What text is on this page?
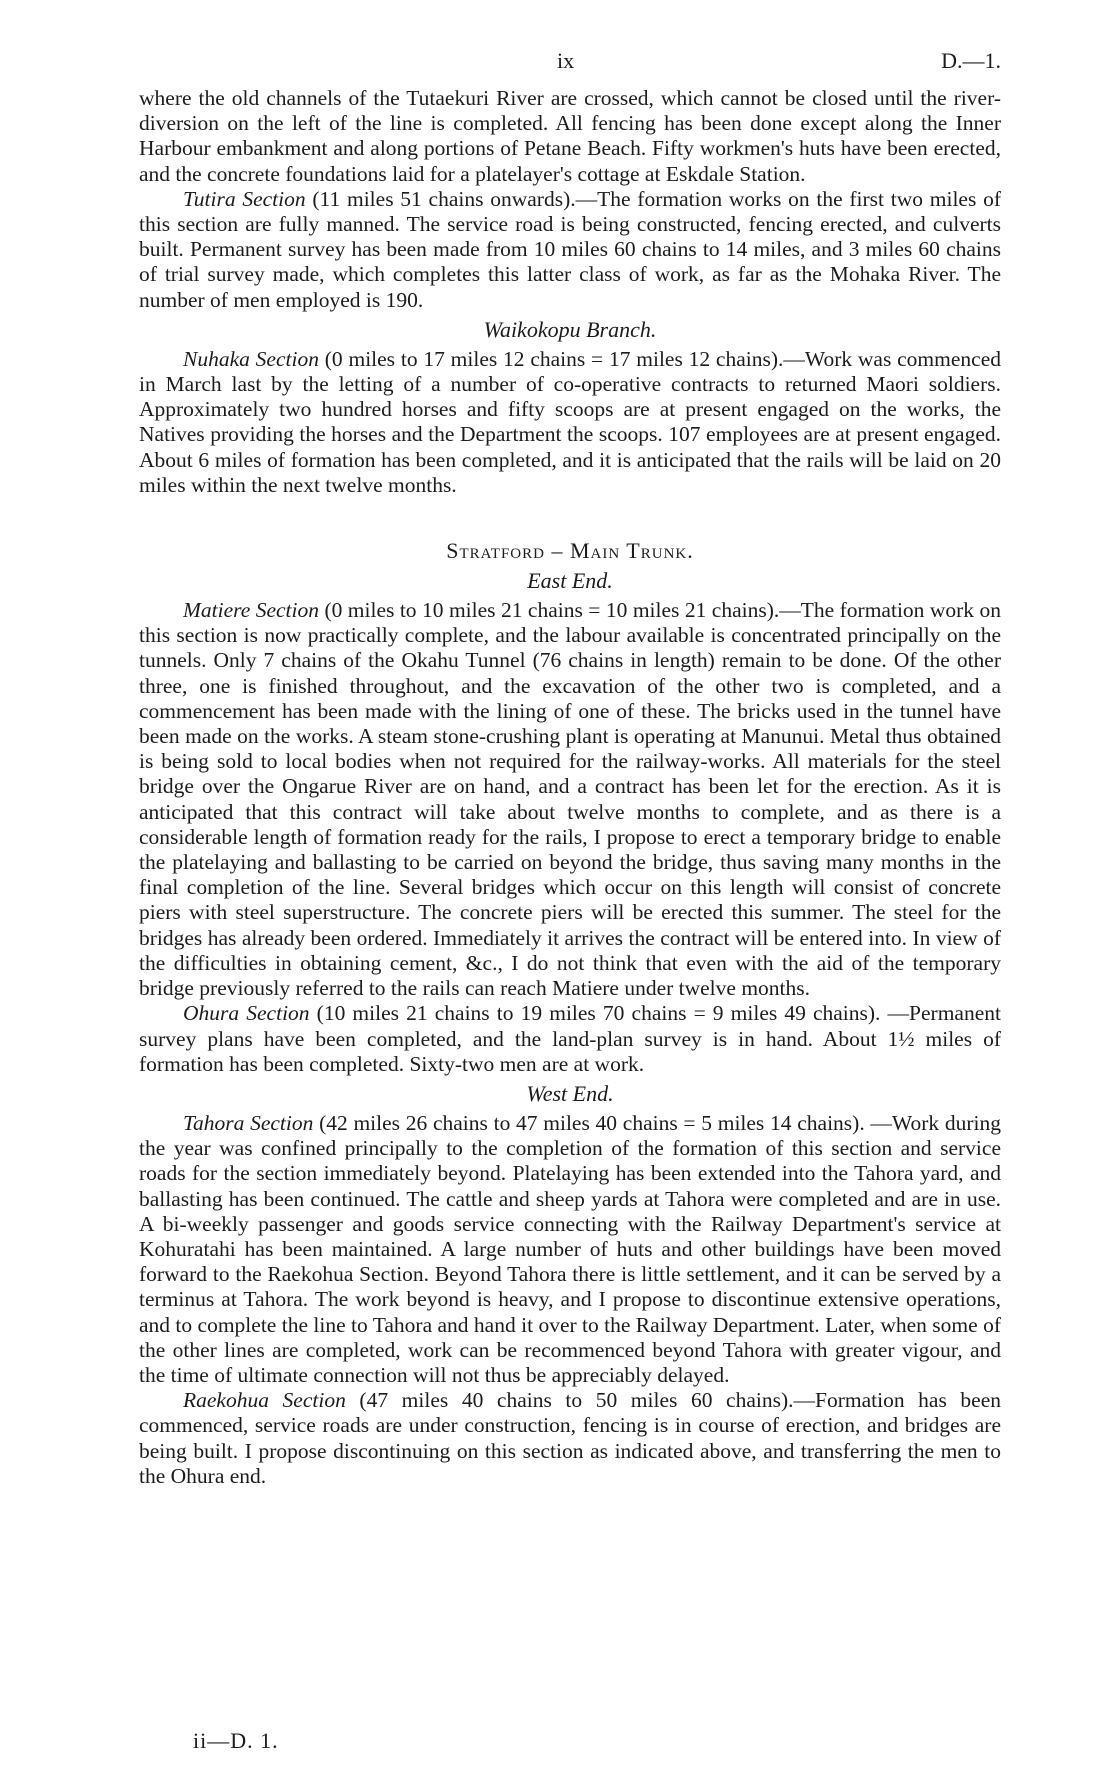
ix	D.—1.

where the old channels of the Tutaekuri River are crossed, which cannot be closed until the river-diversion on the left of the line is completed. All fencing has been done except along the Inner Harbour embankment and along portions of Petane Beach. Fifty workmen's huts have been erected, and the concrete foundations laid for a platelayer's cottage at Eskdale Station.

Tutira Section (11 miles 51 chains onwards).—The formation works on the first two miles of this section are fully manned. The service road is being constructed, fencing erected, and culverts built. Permanent survey has been made from 10 miles 60 chains to 14 miles, and 3 miles 60 chains of trial survey made, which completes this latter class of work, as far as the Mohaka River. The number of men employed is 190.

Waikokopu Branch.

Nuhaka Section (0 miles to 17 miles 12 chains = 17 miles 12 chains).—Work was commenced in March last by the letting of a number of co-operative contracts to returned Maori soldiers. Approximately two hundred horses and fifty scoops are at present engaged on the works, the Natives providing the horses and the Department the scoops. 107 employees are at present engaged. About 6 miles of formation has been completed, and it is anticipated that the rails will be laid on 20 miles within the next twelve months.

Stratford – Main Trunk.
East End.

Matiere Section (0 miles to 10 miles 21 chains = 10 miles 21 chains).—The formation work on this section is now practically complete, and the labour available is concentrated principally on the tunnels. Only 7 chains of the Okahu Tunnel (76 chains in length) remain to be done. Of the other three, one is finished throughout, and the excavation of the other two is completed, and a commencement has been made with the lining of one of these. The bricks used in the tunnel have been made on the works. A steam stone-crushing plant is operating at Manunui. Metal thus obtained is being sold to local bodies when not required for the railway-works. All materials for the steel bridge over the Ongarue River are on hand, and a contract has been let for the erection. As it is anticipated that this contract will take about twelve months to complete, and as there is a considerable length of formation ready for the rails, I propose to erect a temporary bridge to enable the platelaying and ballasting to be carried on beyond the bridge, thus saving many months in the final completion of the line. Several bridges which occur on this length will consist of concrete piers with steel superstructure. The concrete piers will be erected this summer. The steel for the bridges has already been ordered. Immediately it arrives the contract will be entered into. In view of the difficulties in obtaining cement, &c., I do not think that even with the aid of the temporary bridge previously referred to the rails can reach Matiere under twelve months.

Ohura Section (10 miles 21 chains to 19 miles 70 chains = 9 miles 49 chains). —Permanent survey plans have been completed, and the land-plan survey is in hand. About 1½ miles of formation has been completed. Sixty-two men are at work.

West End.

Tahora Section (42 miles 26 chains to 47 miles 40 chains = 5 miles 14 chains). —Work during the year was confined principally to the completion of the formation of this section and service roads for the section immediately beyond. Platelaying has been extended into the Tahora yard, and ballasting has been continued. The cattle and sheep yards at Tahora were completed and are in use. A bi-weekly passenger and goods service connecting with the Railway Department's service at Kohuratahi has been maintained. A large number of huts and other buildings have been moved forward to the Raekohua Section. Beyond Tahora there is little settlement, and it can be served by a terminus at Tahora. The work beyond is heavy, and I propose to discontinue extensive operations, and to complete the line to Tahora and hand it over to the Railway Department. Later, when some of the other lines are completed, work can be recommenced beyond Tahora with greater vigour, and the time of ultimate connection will not thus be appreciably delayed.

Raekohua Section (47 miles 40 chains to 50 miles 60 chains).—Formation has been commenced, service roads are under construction, fencing is in course of erection, and bridges are being built. I propose discontinuing on this section as indicated above, and transferring the men to the Ohura end.

ii—D. 1.
